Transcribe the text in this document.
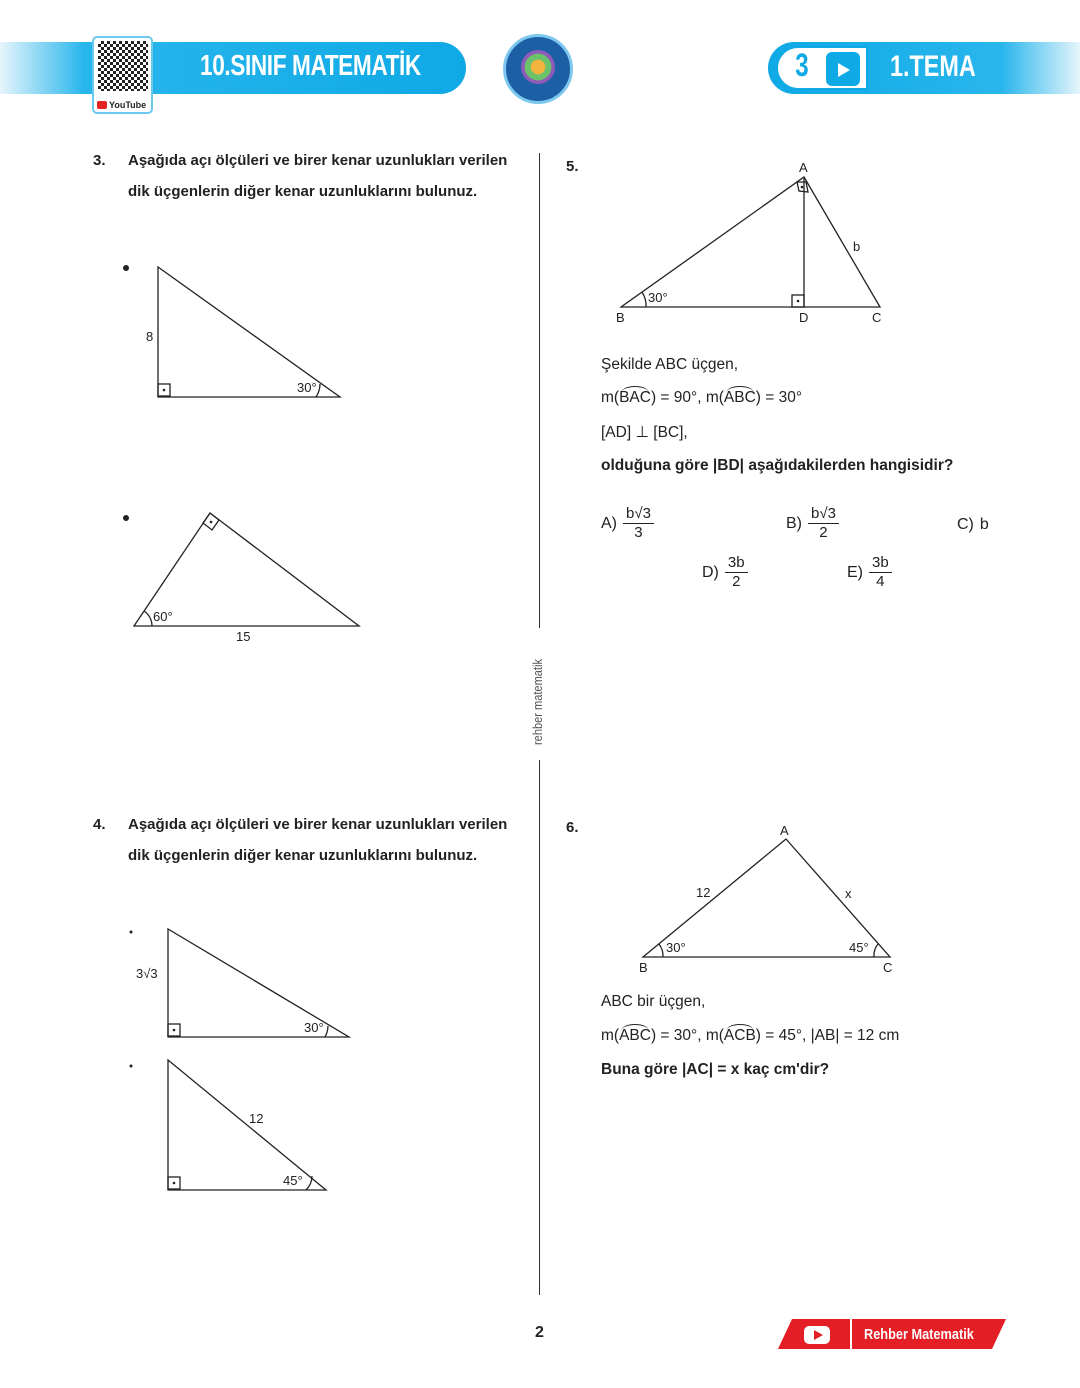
10.SINIF MATEMATİK
YouTube
3	1.TEMA
3. Aşağıda açı ölçüleri ve birer kenar uzunlukları verilen dik üçgenlerin diğer kenar uzunluklarını bulunuz.
4. Aşağıda açı ölçüleri ve birer kenar uzunlukları verilen dik üçgenlerin diğer kenar uzunluklarını bulunuz.
rehber matematik
5.
Şekilde ABC üçgen,
m(BAC) = 90°, m(ABC) = 30°
[AD] ⊥ [BC],
olduğuna göre |BD| aşağıdakilerden hangisidir?
$A) \frac{b√3}{3}$	$B) \frac{b√3}{2}$	C) b
$D) \frac{3b}{2}$	$E) \frac{3b}{4}$
6.
ABC bir üçgen,
m(ABC) = 30°, m(ACB) = 45°, |AB| = 12 cm
Buna göre |AC| = x kaç cm'dir?
8
30°
60°
15
3√3
30°
12
45°
A
B	D	C
b
30°
A
B	C
12	x
30°	45°
2	Rehber Matematik
